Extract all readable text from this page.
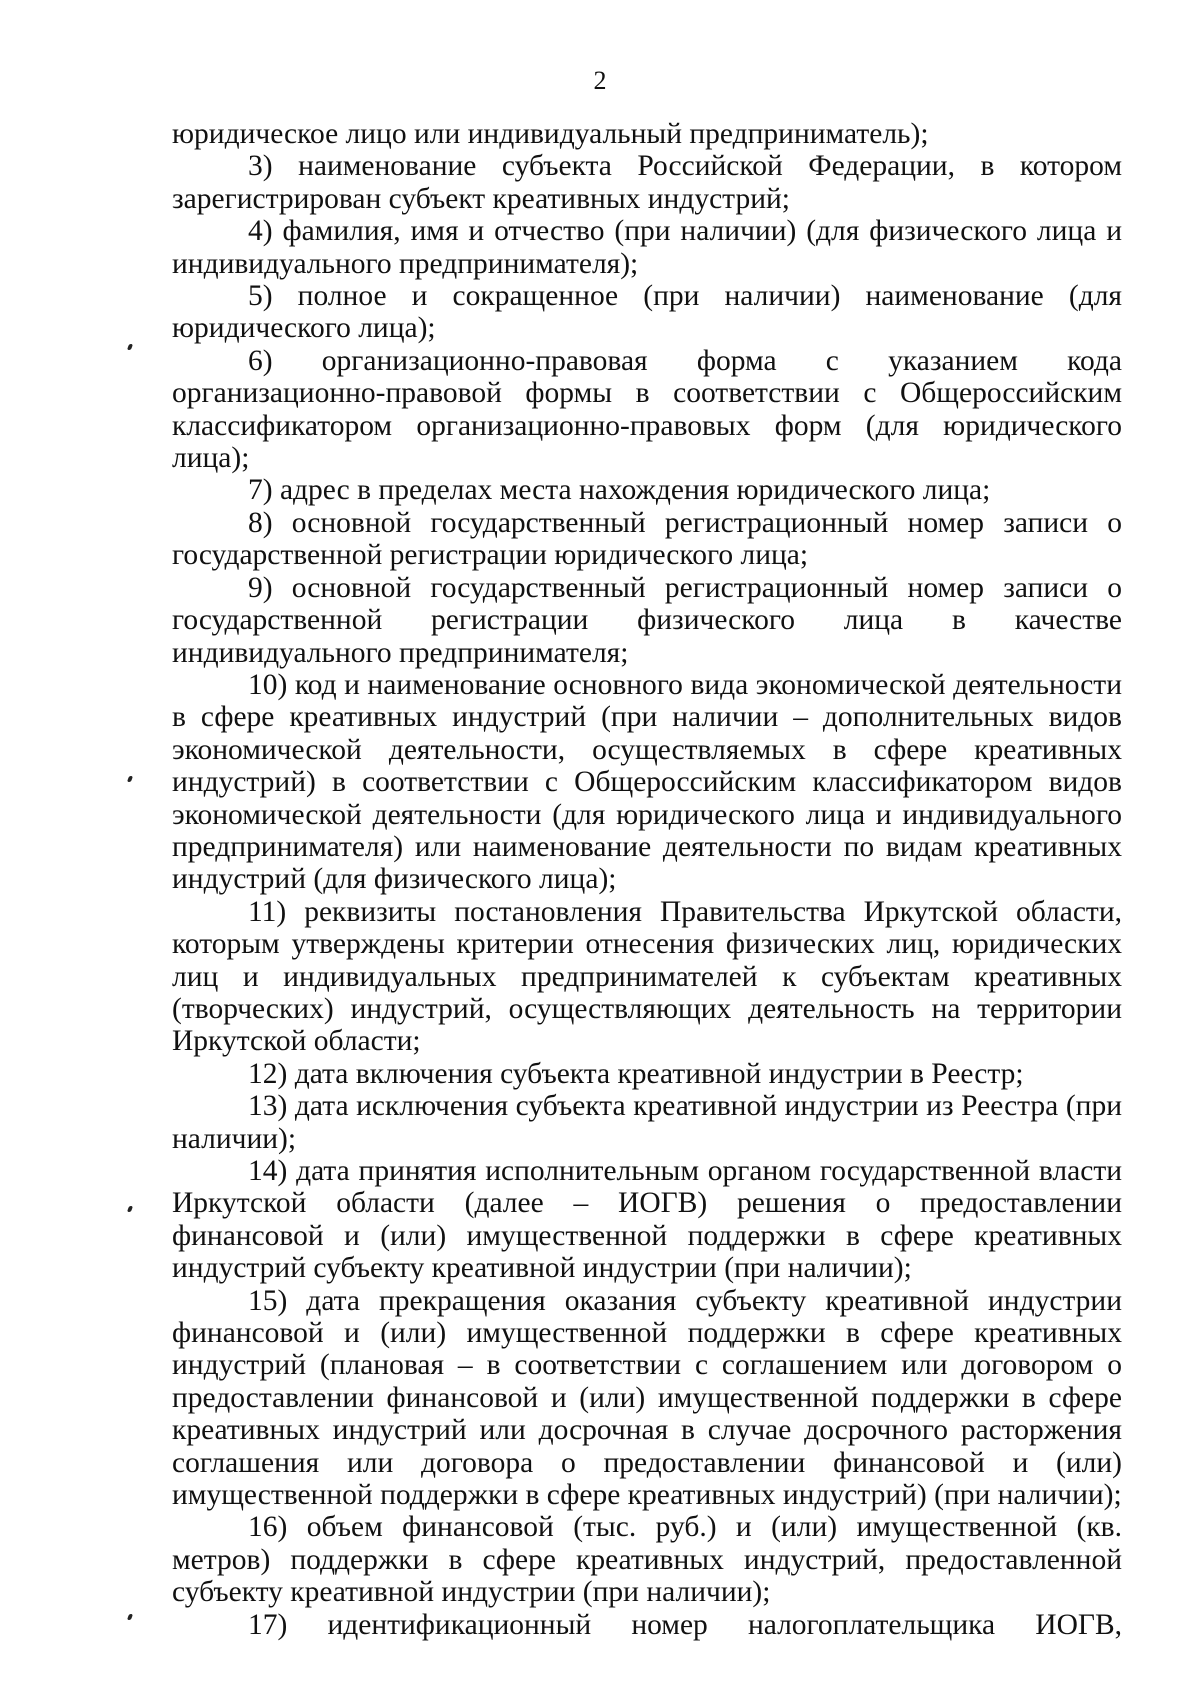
2

юридическое лицо или индивидуальный предприниматель);

3) наименование субъекта Российской Федерации, в котором зарегистрирован субъект креативных индустрий;

4) фамилия, имя и отчество (при наличии) (для физического лица и индивидуального предпринимателя);

5) полное и сокращенное (при наличии) наименование (для юридического лица);

6) организационно-правовая форма с указанием кода организационно-правовой формы в соответствии с Общероссийским классификатором организационно-правовых форм (для юридического лица);

7) адрес в пределах места нахождения юридического лица;

8) основной государственный регистрационный номер записи о государственной регистрации юридического лица;

9) основной государственный регистрационный номер записи о государственной регистрации физического лица в качестве индивидуального предпринимателя;

10) код и наименование основного вида экономической деятельности в сфере креативных индустрий (при наличии – дополнительных видов экономической деятельности, осуществляемых в сфере креативных индустрий) в соответствии с Общероссийским классификатором видов экономической деятельности (для юридического лица и индивидуального предпринимателя) или наименование деятельности по видам креативных индустрий (для физического лица);

11) реквизиты постановления Правительства Иркутской области, которым утверждены критерии отнесения физических лиц, юридических лиц и индивидуальных предпринимателей к субъектам креативных (творческих) индустрий, осуществляющих деятельность на территории Иркутской области;

12) дата включения субъекта креативной индустрии в Реестр;

13) дата исключения субъекта креативной индустрии из Реестра (при наличии);

14) дата принятия исполнительным органом государственной власти Иркутской области (далее – ИОГВ) решения о предоставлении финансовой и (или) имущественной поддержки в сфере креативных индустрий субъекту креативной индустрии (при наличии);

15) дата прекращения оказания субъекту креативной индустрии финансовой и (или) имущественной поддержки в сфере креативных индустрий (плановая – в соответствии с соглашением или договором о предоставлении финансовой и (или) имущественной поддержки в сфере креативных индустрий или досрочная в случае досрочного расторжения соглашения или договора о предоставлении финансовой и (или) имущественной поддержки в сфере креативных индустрий) (при наличии);

16) объем финансовой (тыс. руб.) и (или) имущественной (кв. метров) поддержки в сфере креативных индустрий, предоставленной субъекту креативной индустрии (при наличии);

17) идентификационный номер налогоплательщика ИОГВ,
